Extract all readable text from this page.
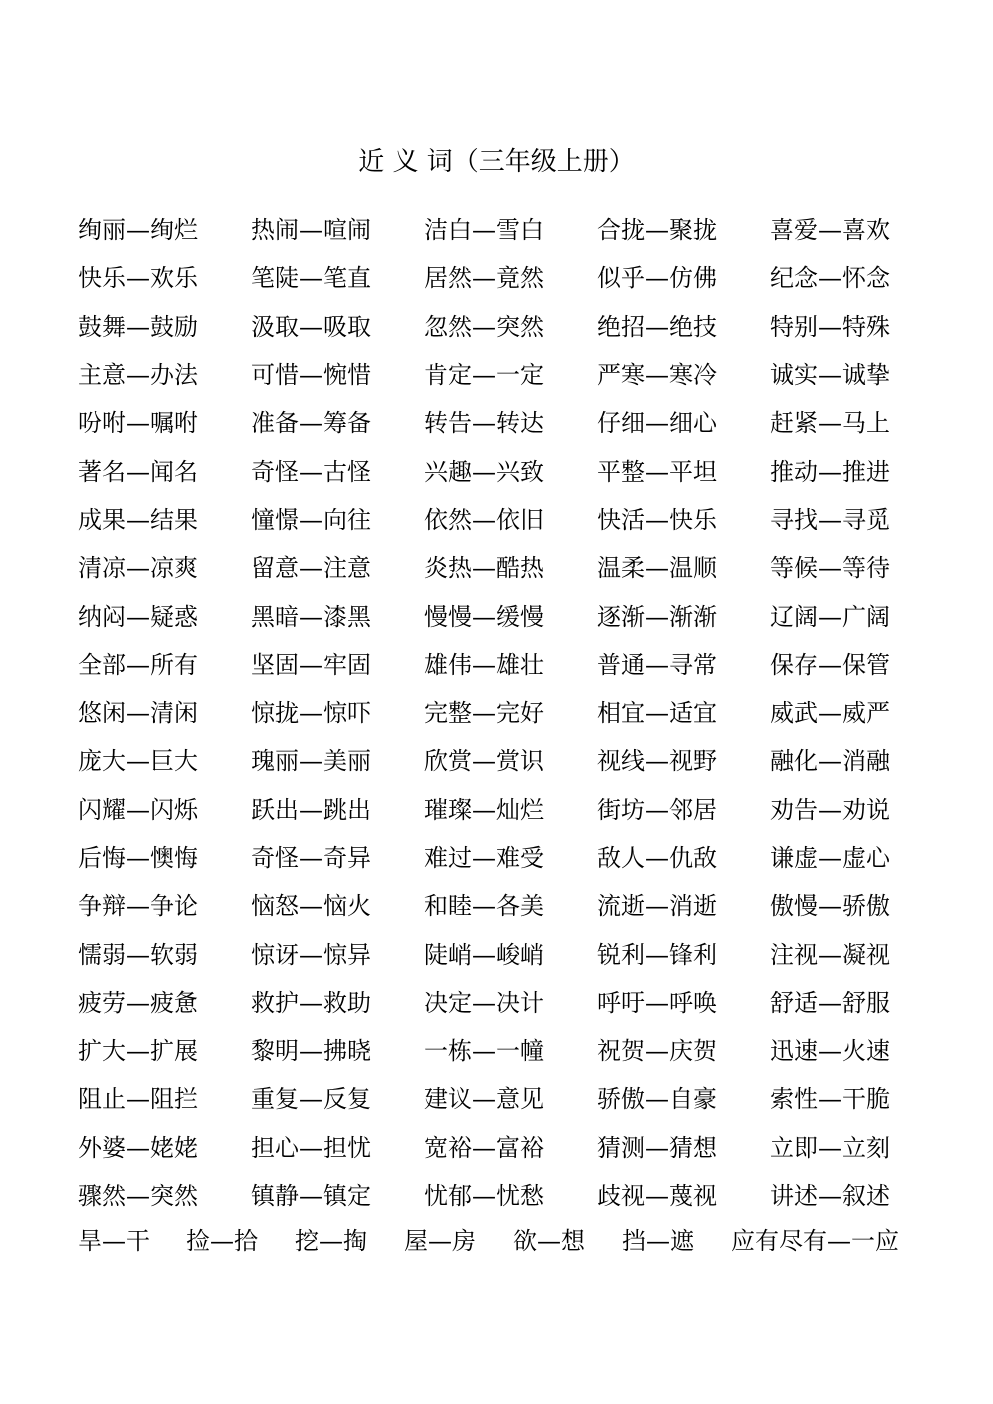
近 义 词（三年级上册）
绚丽—绚烂	热闹—喧闹	洁白—雪白	合拢—聚拢	喜爱—喜欢
快乐—欢乐	笔陡—笔直	居然—竟然	似乎—仿佛	纪念—怀念
鼓舞—鼓励	汲取—吸取	忽然—突然	绝招—绝技	特别—特殊
主意—办法	可惜—惋惜	肯定—一定	严寒—寒冷	诚实—诚挚
吩咐—嘱咐	准备—筹备	转告—转达	仔细—细心	赶紧—马上
著名—闻名	奇怪—古怪	兴趣—兴致	平整—平坦	推动—推进
成果—结果	憧憬—向往	依然—依旧	快活—快乐	寻找—寻觅
清凉—凉爽	留意—注意	炎热—酷热	温柔—温顺	等候—等待
纳闷—疑惑	黑暗—漆黑	慢慢—缓慢	逐渐—渐渐	辽阔—广阔
全部—所有	坚固—牢固	雄伟—雄壮	普通—寻常	保存—保管
悠闲—清闲	惊拢—惊吓	完整—完好	相宜—适宜	威武—威严
庞大—巨大	瑰丽—美丽	欣赏—赏识	视线—视野	融化—消融
闪耀—闪烁	跃出—跳出	璀璨—灿烂	街坊—邻居	劝告—劝说
后悔—懊悔	奇怪—奇异	难过—难受	敌人—仇敌	谦虚—虚心
争辩—争论	恼怒—恼火	和睦—各美	流逝—消逝	傲慢—骄傲
懦弱—软弱	惊讶—惊异	陡峭—峻峭	锐利—锋利	注视—凝视
疲劳—疲惫	救护—救助	决定—决计	呼吁—呼唤	舒适—舒服
扩大—扩展	黎明—拂晓	一栋—一幢	祝贺—庆贺	迅速—火速
阻止—阻拦	重复—反复	建议—意见	骄傲—自豪	索性—干脆
外婆—姥姥	担心—担忧	宽裕—富裕	猜测—猜想	立即—立刻
骤然—突然	镇静—镇定	忧郁—忧愁	歧视—蔑视	讲述—叙述
旱—干 捡—拾 挖—掏 屋—房 欲—想 挡—遮 应有尽有—一应
